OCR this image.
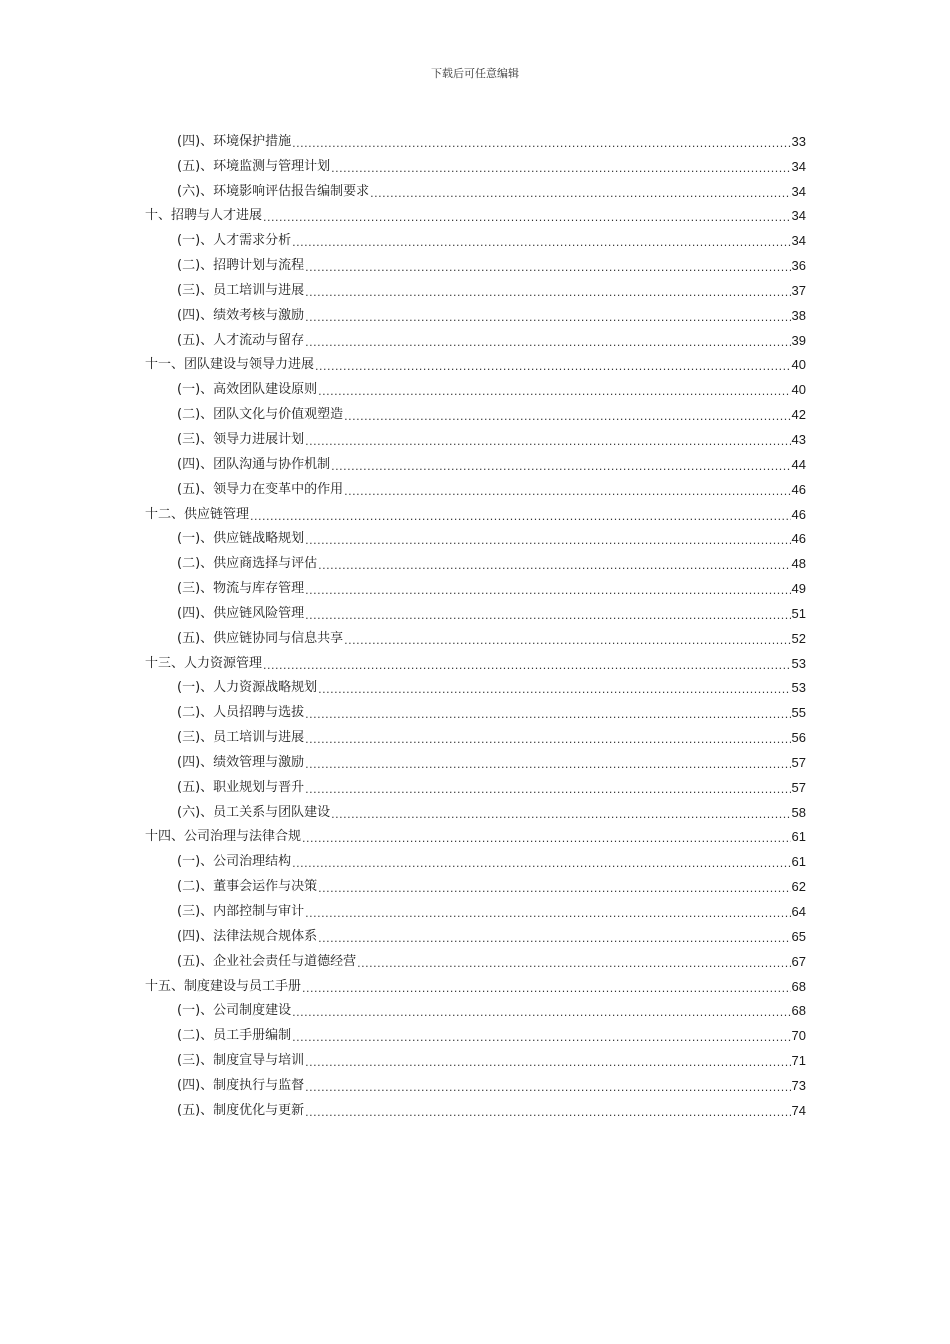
下载后可任意编辑
(四)、环境保护措施 .....	33
(五)、环境监测与管理计划 .....	34
(六)、环境影响评估报告编制要求 .....	34
十、招聘与人才进展 .....	34
(一)、人才需求分析 .....	34
(二)、招聘计划与流程 .....	36
(三)、员工培训与进展 .....	37
(四)、绩效考核与激励 .....	38
(五)、人才流动与留存 .....	39
十一、团队建设与领导力进展 .....	40
(一)、高效团队建设原则 .....	40
(二)、团队文化与价值观塑造 .....	42
(三)、领导力进展计划 .....	43
(四)、团队沟通与协作机制 .....	44
(五)、领导力在变革中的作用 .....	46
十二、供应链管理 .....	46
(一)、供应链战略规划 .....	46
(二)、供应商选择与评估 .....	48
(三)、物流与库存管理 .....	49
(四)、供应链风险管理 .....	51
(五)、供应链协同与信息共享 .....	52
十三、人力资源管理 .....	53
(一)、人力资源战略规划 .....	53
(二)、人员招聘与选拔 .....	55
(三)、员工培训与进展 .....	56
(四)、绩效管理与激励 .....	57
(五)、职业规划与晋升 .....	57
(六)、员工关系与团队建设 .....	58
十四、公司治理与法律合规 .....	61
(一)、公司治理结构 .....	61
(二)、董事会运作与决策 .....	62
(三)、内部控制与审计 .....	64
(四)、法律法规合规体系 .....	65
(五)、企业社会责任与道德经营 .....	67
十五、制度建设与员工手册 .....	68
(一)、公司制度建设 .....	68
(二)、员工手册编制 .....	70
(三)、制度宣导与培训 .....	71
(四)、制度执行与监督 .....	73
(五)、制度优化与更新 .....	74
